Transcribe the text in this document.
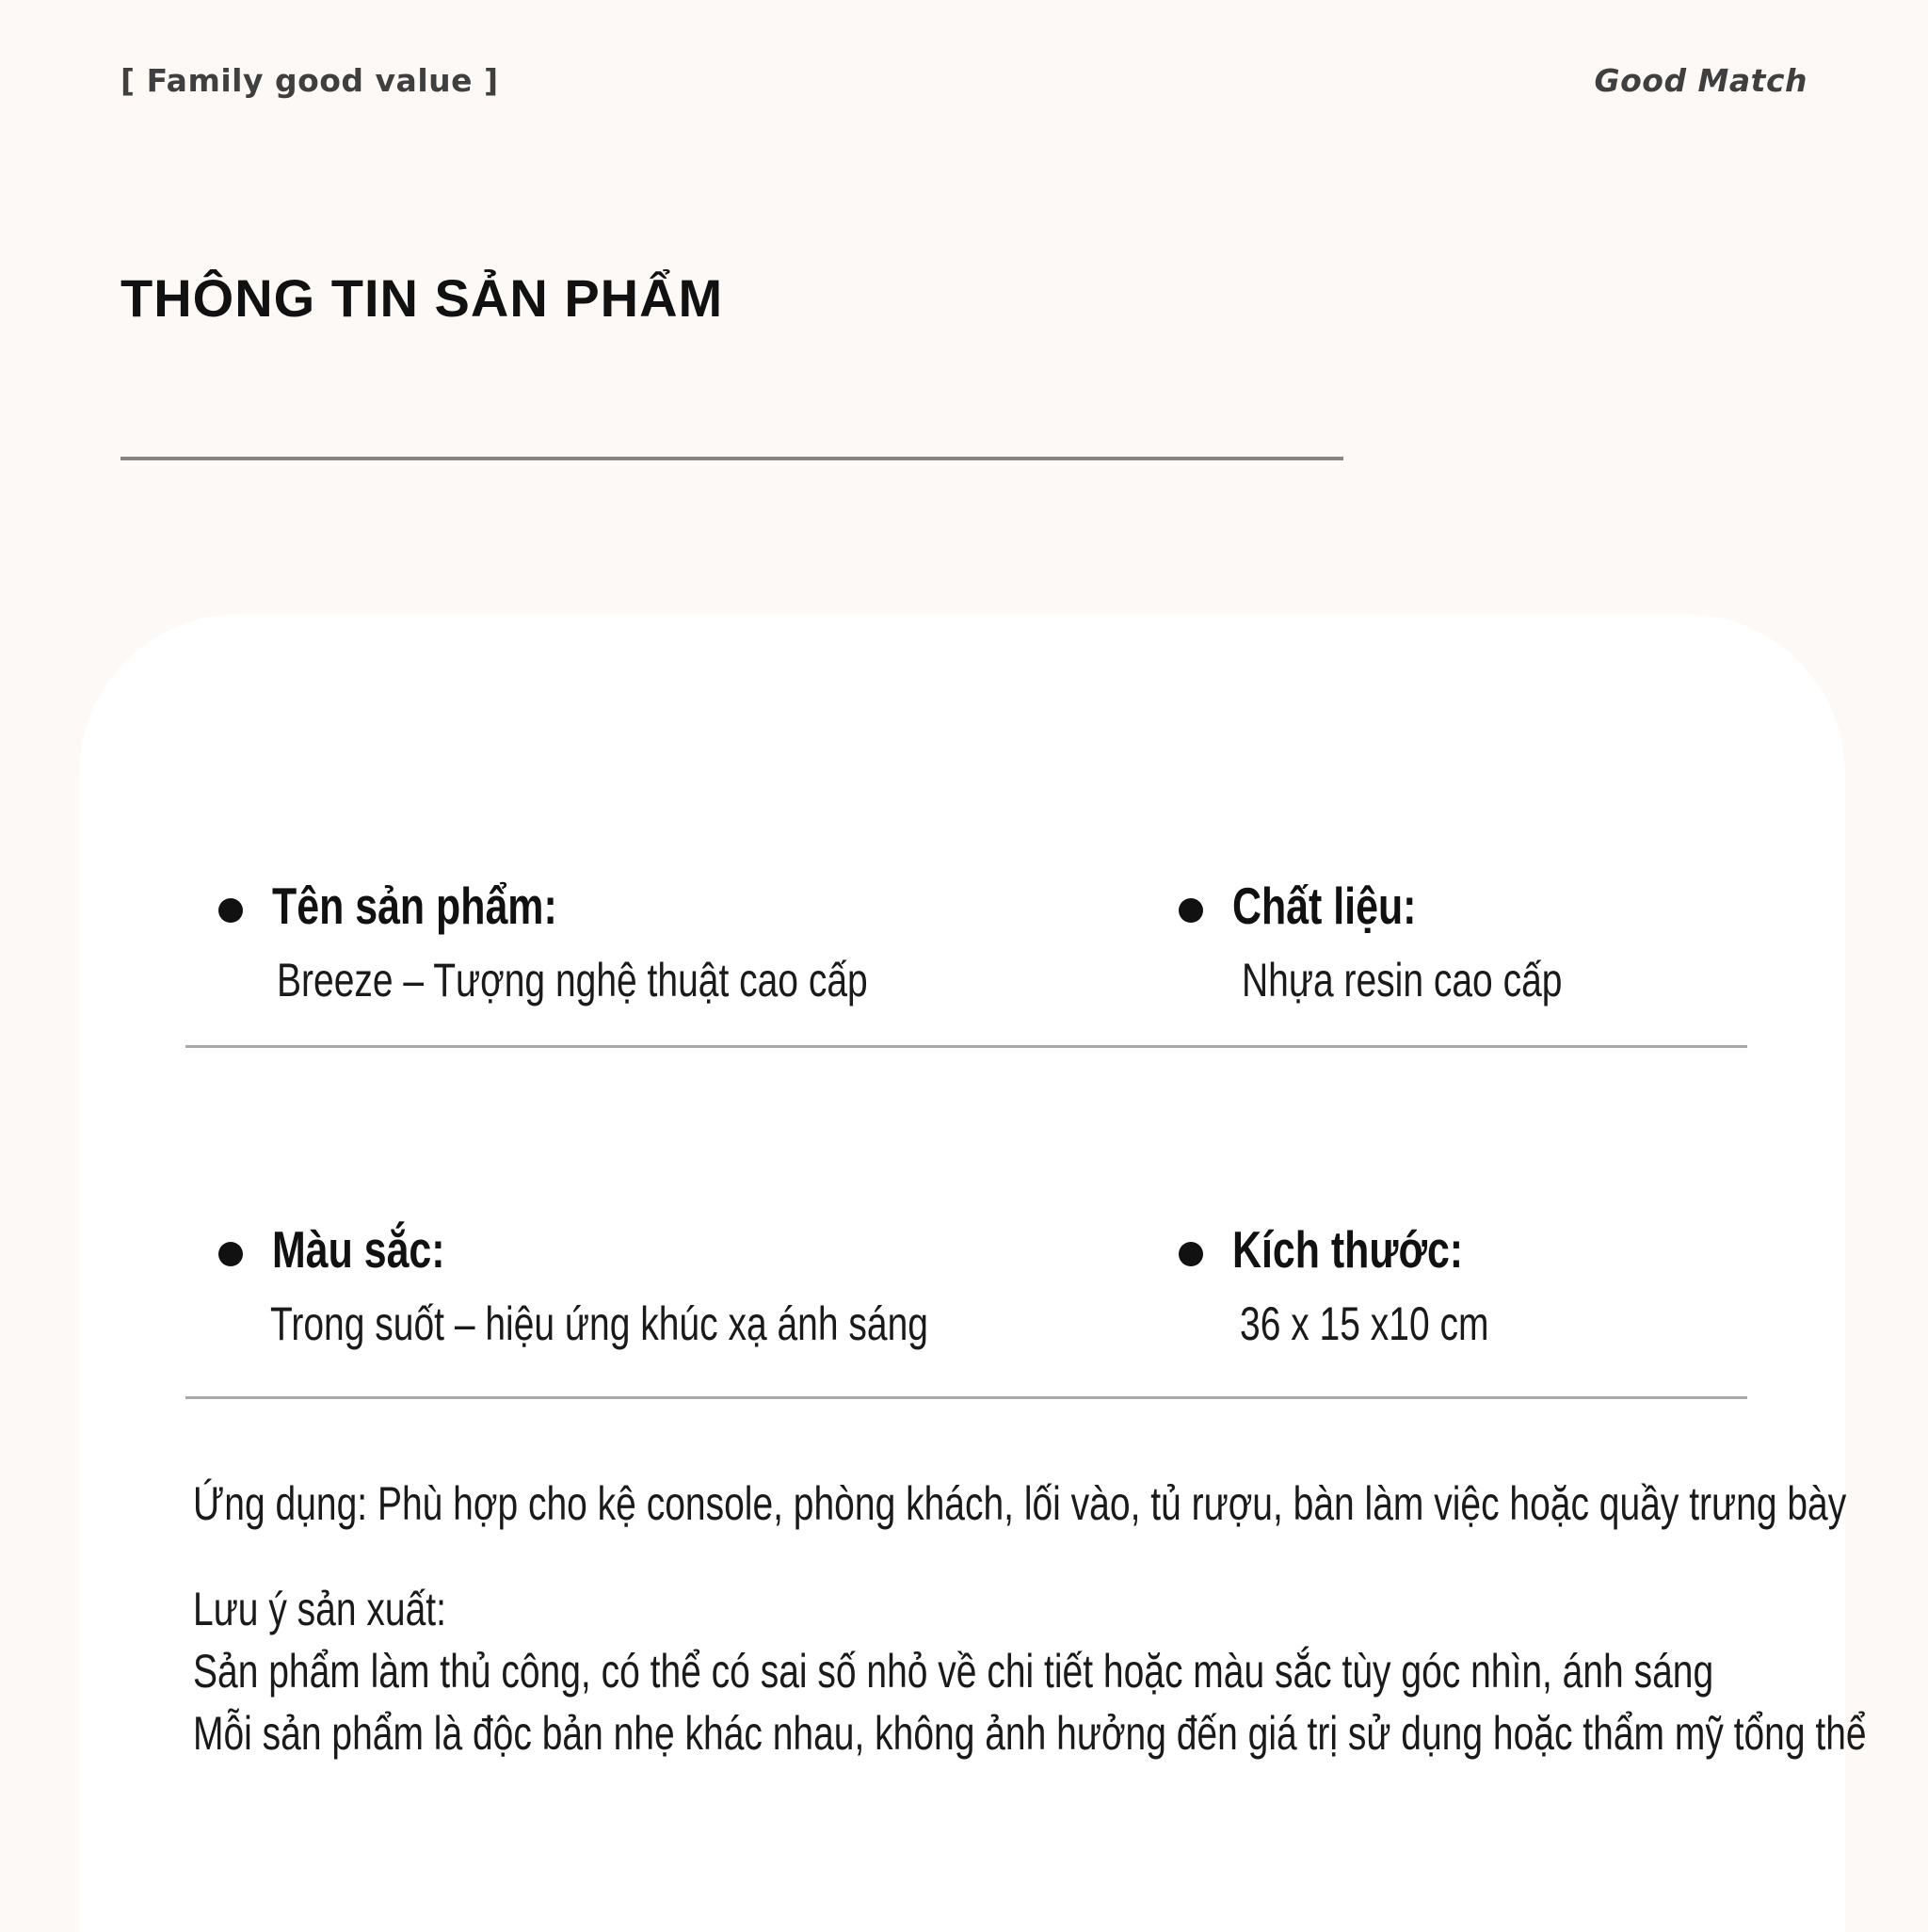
[ Family good value ]	Good Match
THÔNG TIN SẢN PHẨM
Tên sản phẩm:
Breeze – Tượng nghệ thuật cao cấp
Chất liệu:
Nhựa resin cao cấp
Màu sắc:
Trong suốt – hiệu ứng khúc xạ ánh sáng
Kích thước:
36 x 15 x10 cm
Ứng dụng: Phù hợp cho kệ console, phòng khách, lối vào, tủ rượu, bàn làm việc hoặc quầy trưng bày
Lưu ý sản xuất:
Sản phẩm làm thủ công, có thể có sai số nhỏ về chi tiết hoặc màu sắc tùy góc nhìn, ánh sáng
Mỗi sản phẩm là độc bản nhẹ khác nhau, không ảnh hưởng đến giá trị sử dụng hoặc thẩm mỹ tổng thể
